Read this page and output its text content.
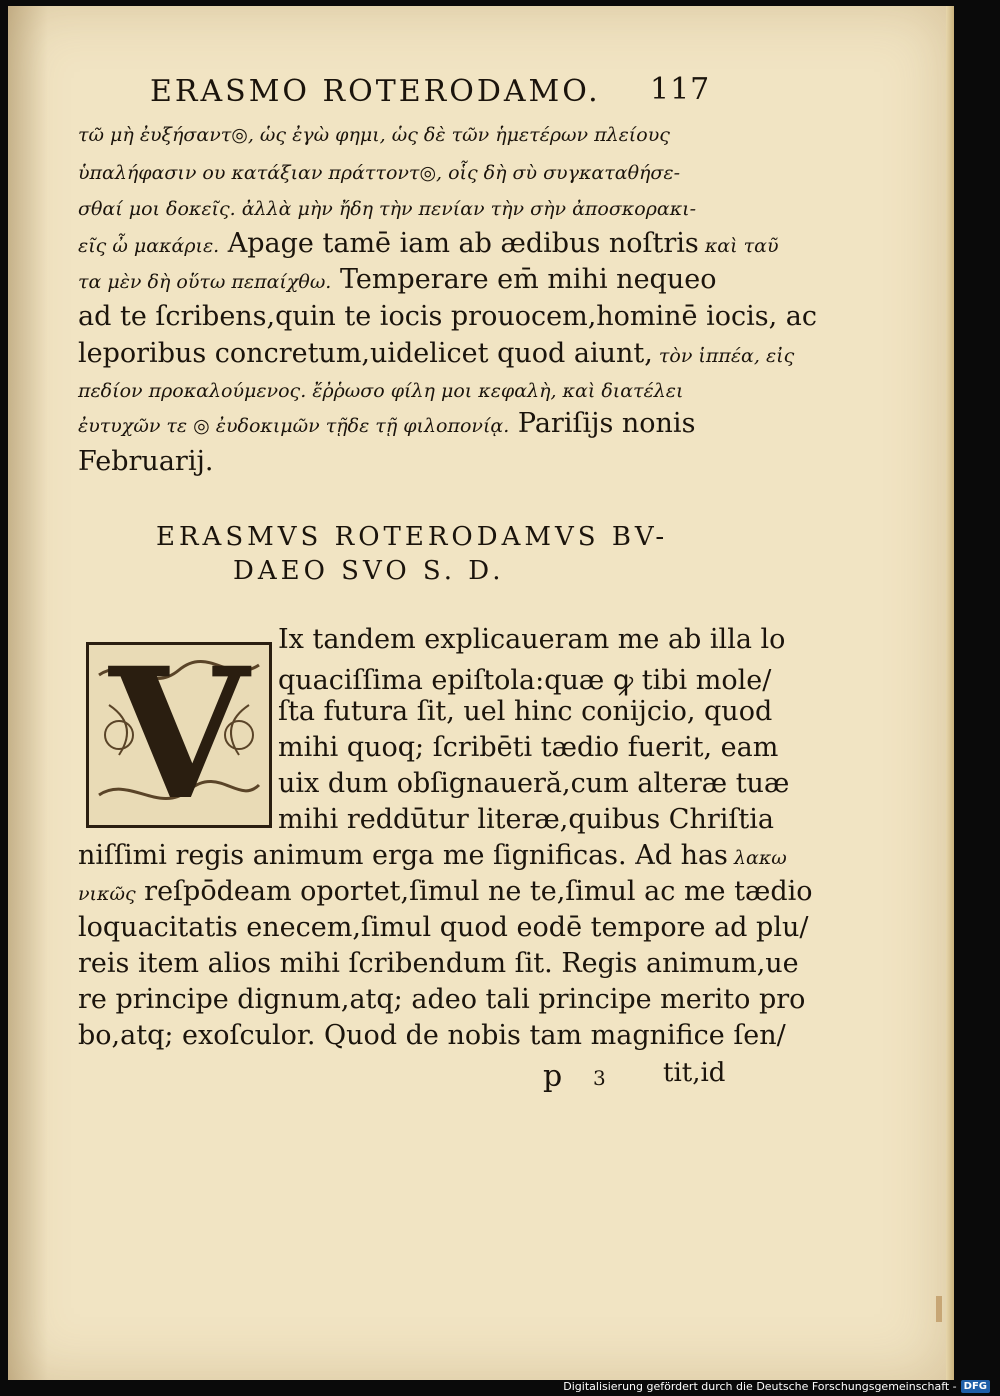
ERASMO ROTERODAMO. 117
τῶ μὴ ἐυξήσαντ◎, ὡς ἐγὼ φημι, ὡς δὲ τῶν ἡμετέρων πλείους
ὑπαλήφασιν ου κατάξιαν πράττοντ◎, οἷς δὴ σὺ συγκαταθήσε-
σθαί μοι δοκεῖς. ἀλλὰ μὴν ἤδη τὴν πενίαν τὴν σὴν ἀποσκορακι-
εῖς ὦ μακάριε. Apage tamē iam ab ædibus noſtris καὶ ταῦ
τα μὲν δὴ οὕτω πεπαίχθω. Temperare em̄ mihi nequeo
ad te ſcribens,quin te iocis prouocem,hominē iocis, ac
leporibus concretum,uidelicet quod aiunt, τὸν ἱππέα, εἰς
πεδίον προκαλούμενος. ἔῤῥωσο φίλη μοι κεφαλὴ, καὶ διατέλει
ἐυτυχῶν τε ◎ ἐυδοκιμῶν τῇδε τῇ φιλοπονίᾳ. Pariſijs nonis
Februarij.
ERASMVS ROTERODAMVS BV-
DAEO SVO S. D.
V	Ix tandem explicaueram me ab illa lo
quaciſſima epiſtola:quæ ꝙ tibi mole/
ſta futura ſit, uel hinc conijcio, quod
mihi quoq; ſcribēti tædio fuerit, eam
uix dum obſignaueră,cum alteræ tuæ
mihi reddūtur literæ,quibus Chriſtia
niſſimi regis animum erga me ſignificas. Ad has λακω
νικῶς reſpōdeam oportet,ſimul ne te,ſimul ac me tædio
loquacitatis enecem,ſimul quod eodē tempore ad plu/
reis item alios mihi ſcribendum ſit. Regis animum,ue
re principe dignum,atq; adeo tali principe merito pro
bo,atq; exoſculor. Quod de nobis tam magnifice ſen/
p 3 tit,id
Digitalisierung gefördert durch die Deutsche Forschungsgemeinschaft - DFG
